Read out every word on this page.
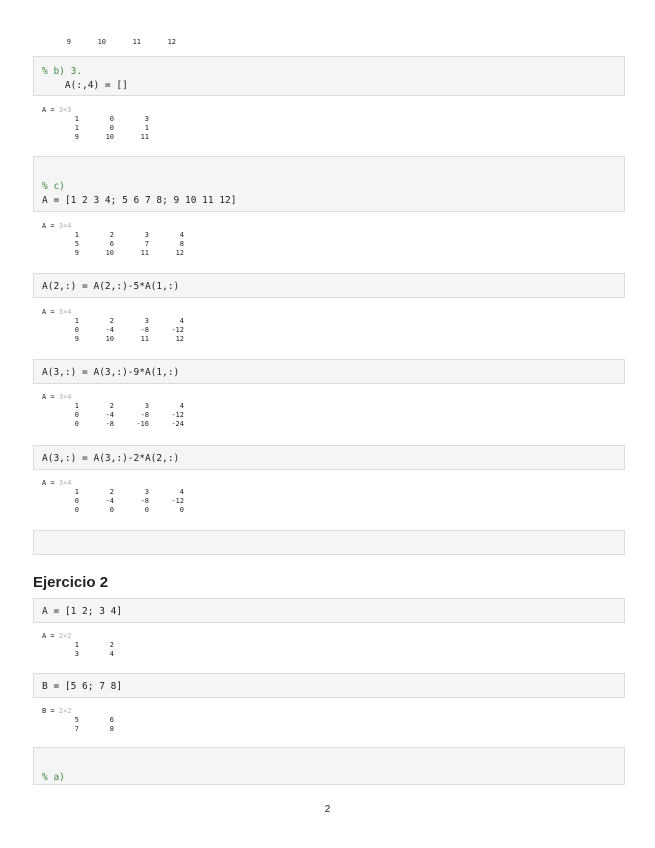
9	10	11	12
% b) 3.
A(:,4) = []
A = 3×3
1	0	3
1	0	1
9	10	11
% c)
A = [1 2 3 4; 5 6 7 8; 9 10 11 12]
A = 3×4
1	2	3	4
5	6	7	8
9	10	11	12
A(2,:) = A(2,:)-5*A(1,:)
A = 3×4
1	2	3	4
0	-4	-8	-12
9	10	11	12
A(3,:) = A(3,:)-9*A(1,:)
A = 3×4
1	2	3	4
0	-4	-8	-12
0	-8	-16	-24
A(3,:) = A(3,:)-2*A(2,:)
A = 3×4
1	2	3	4
0	-4	-8	-12
0	0	0	0
Ejercicio 2
A = [1 2; 3 4]
A = 2×2
1	2
3	4
B = [5 6; 7 8]
B = 2×2
5	6
7	8
% a)
2
